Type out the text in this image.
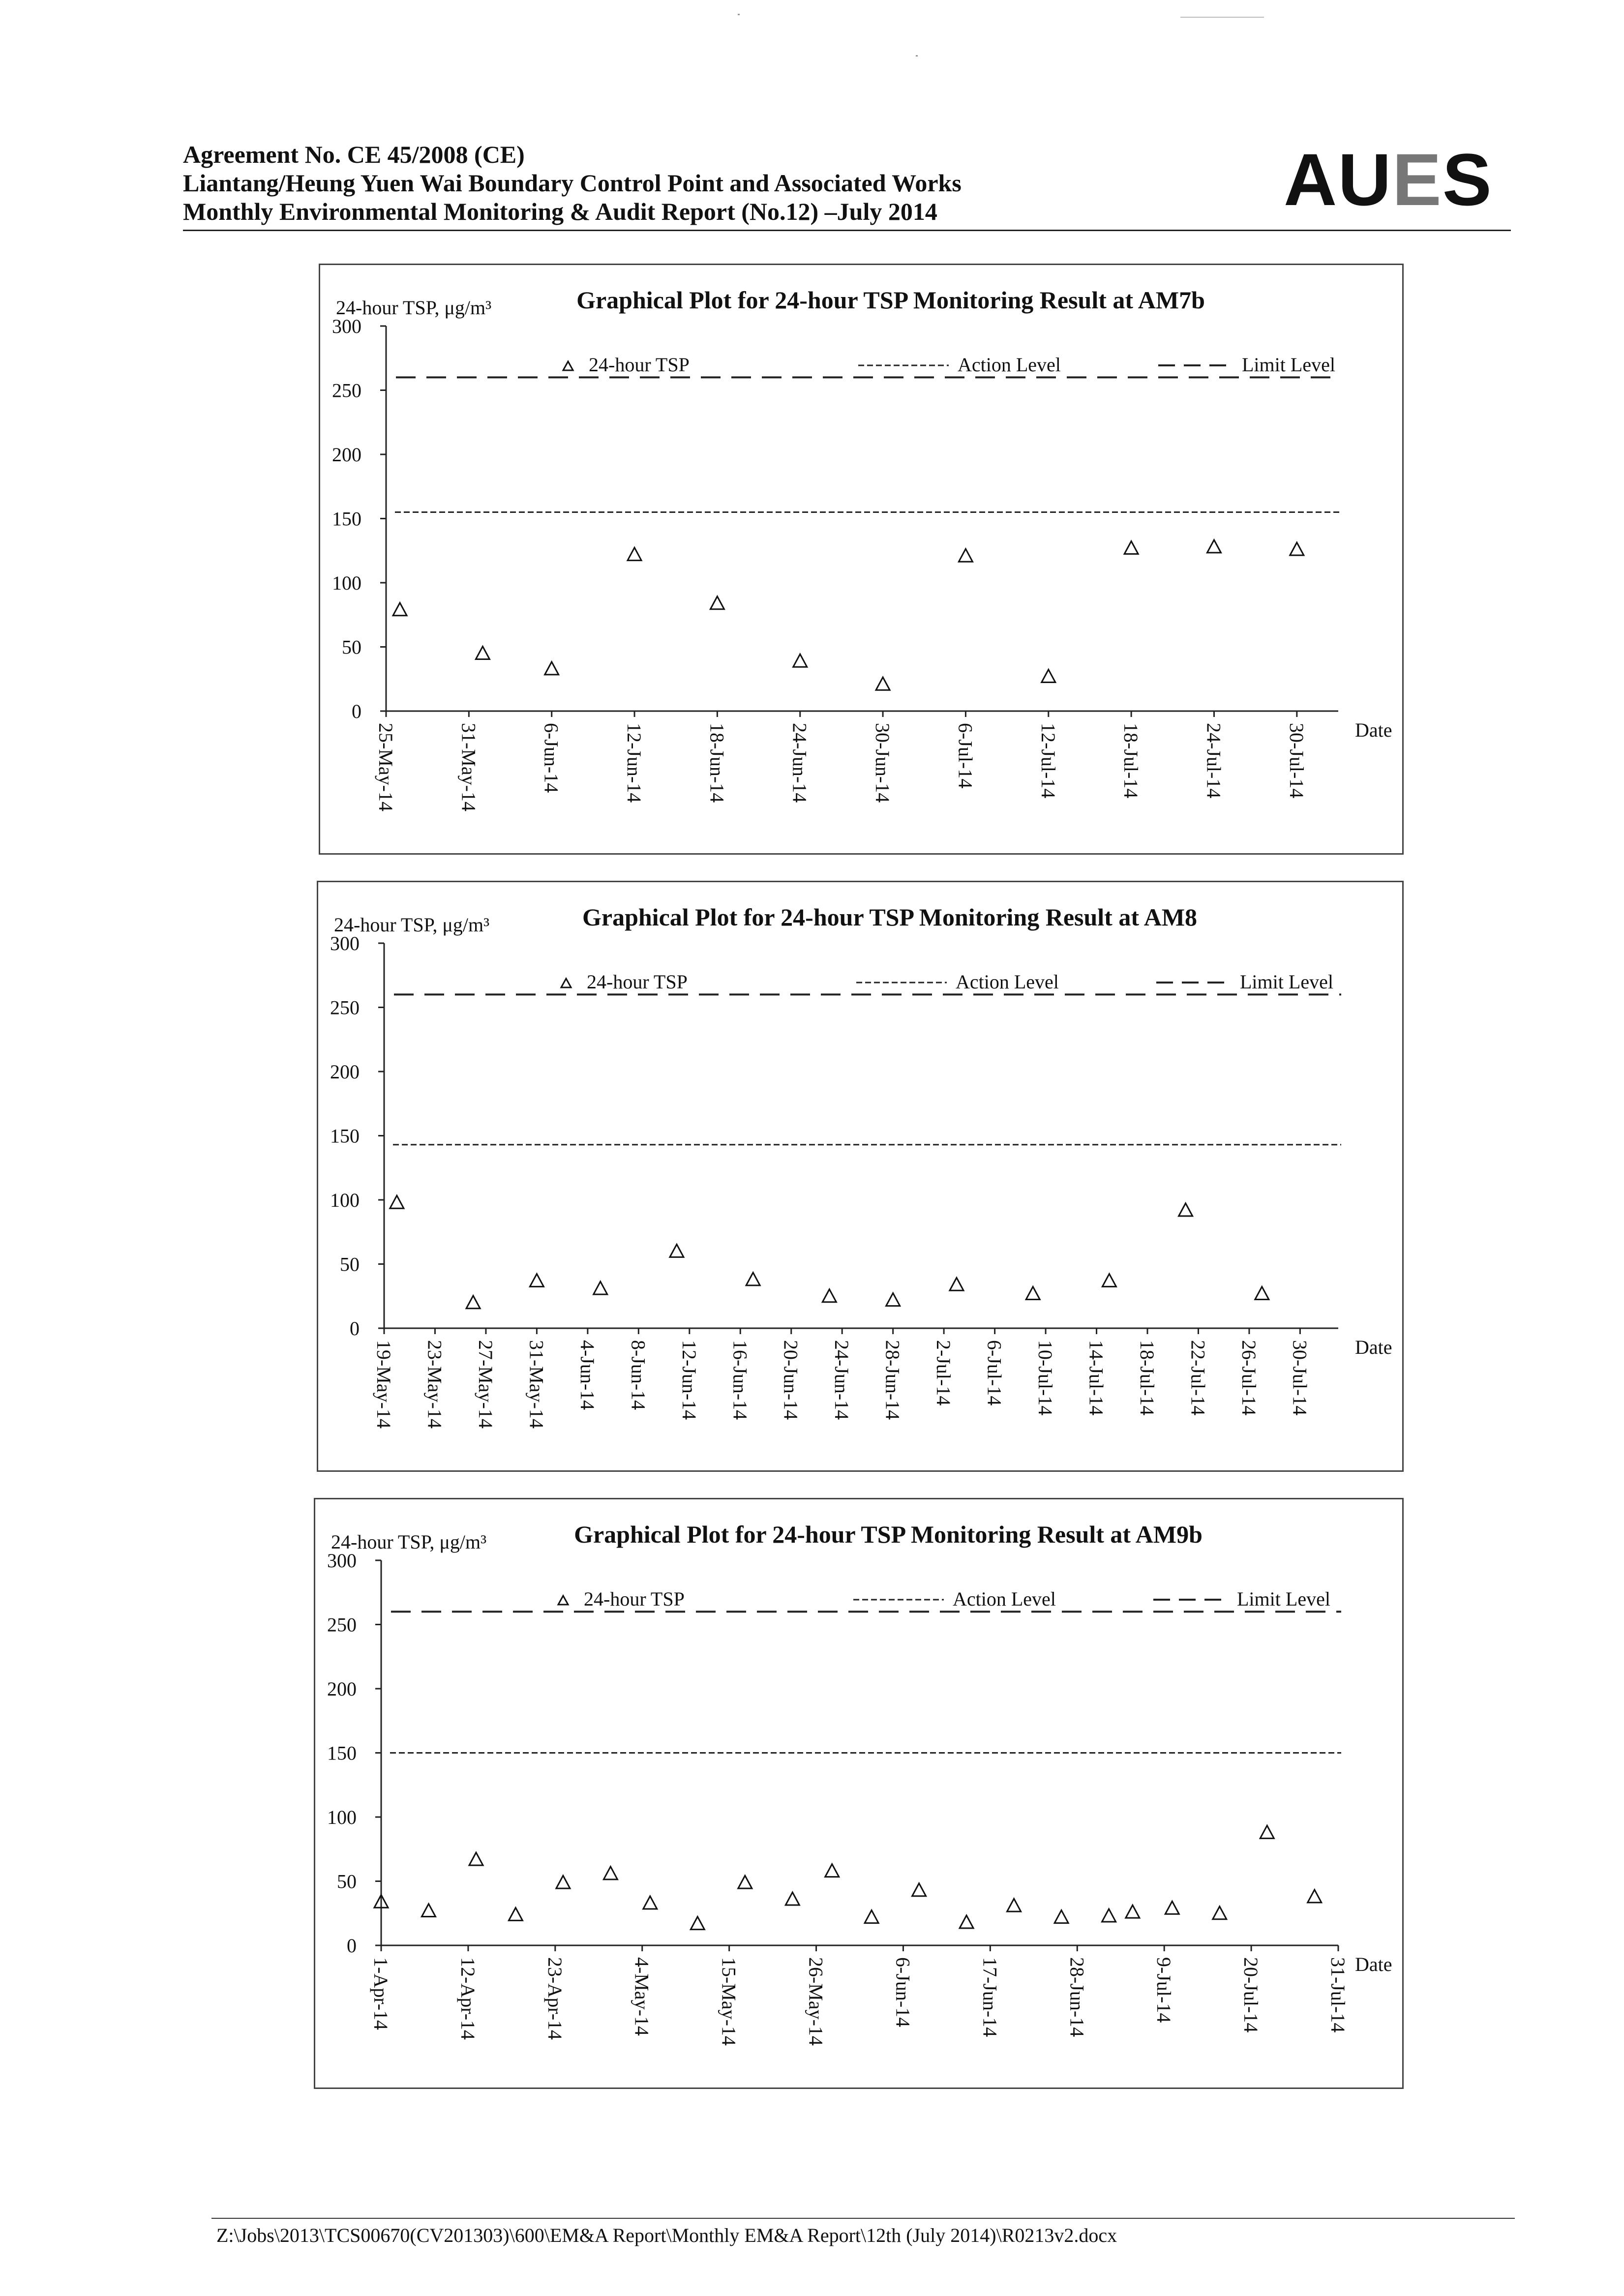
Agreement No. CE 45/2008 (CE)
Liantang/Heung Yuen Wai Boundary Control Point and Associated Works
Monthly Environmental Monitoring & Audit Report (No.12) –July 2014	AUES
Graphical Plot for 24-hour TSP Monitoring Result at AM7b
24-hour TSP, μg/m³
0
50
100
150
200
250
300
25-May-14	31-May-14	6-Jun-14	12-Jun-14	18-Jun-14	24-Jun-14	30-Jun-14	6-Jul-14	12-Jul-14	18-Jul-14	24-Jul-14	30-Jul-14 Date
24-hour TSP	Action Level	Limit Level
Graphical Plot for 24-hour TSP Monitoring Result at AM8
24-hour TSP, μg/m³
0
50
100
150
200
250
300
19-May-14 23-May-14 27-May-14 31-May-14 4-Jun-14 8-Jun-14 12-Jun-14 16-Jun-14 20-Jun-14 24-Jun-14 28-Jun-14 2-Jul-14 6-Jul-14 10-Jul-14 14-Jul-14 18-Jul-14 22-Jul-14 26-Jul-14 30-Jul-14 Date
24-hour TSP	Action Level	Limit Level
Graphical Plot for 24-hour TSP Monitoring Result at AM9b
24-hour TSP, μg/m³
0
50
100
150
200
250
300
1-Apr-14	12-Apr-14	23-Apr-14	4-May-14	15-May-14	26-May-14	6-Jun-14	17-Jun-14	28-Jun-14	9-Jul-14	20-Jul-14	31-Jul-14 Date
24-hour TSP	Action Level	Limit Level
Z:\Jobs\2013\TCS00670(CV201303)\600\EM&A Report\Monthly EM&A Report\12th (July 2014)\R0213v2.docx
